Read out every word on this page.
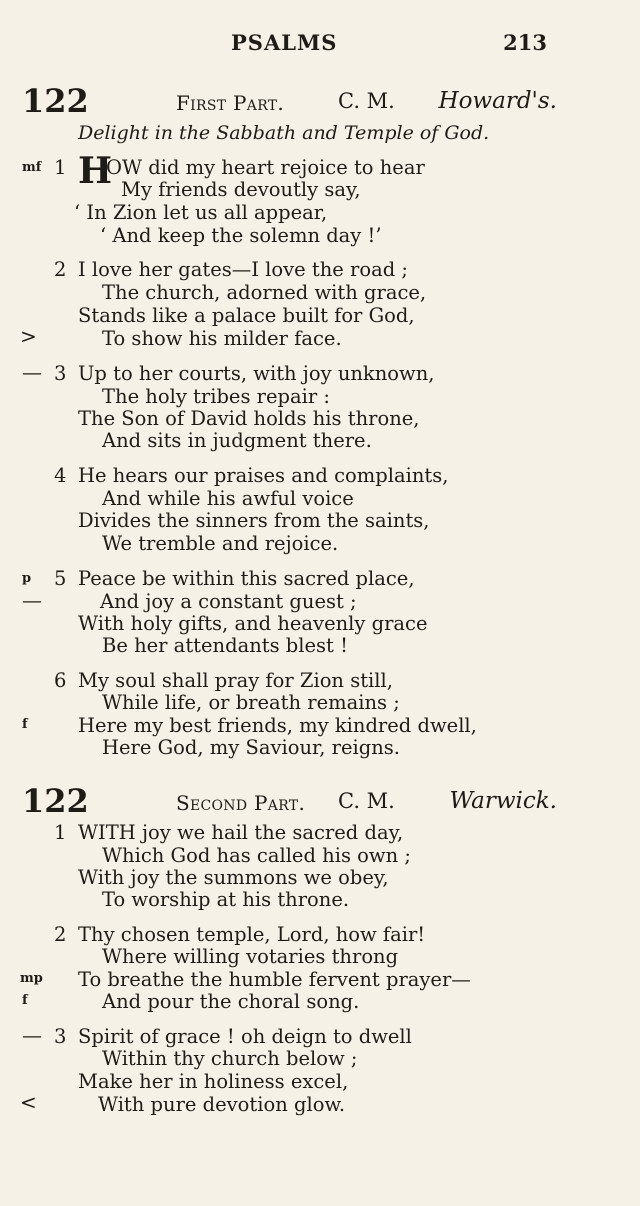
PSALMS	213
122	First Part.	C. M. Howard's.
Delight in the Sabbath and Temple of God.
mf 1 H
OW did my heart rejoice to hear
My friends devoutly say,
‘ In Zion let us all appear,
‘ And keep the solemn day !’
2 I love her gates—I love the road ;
The church, adorned with grace,
Stands like a palace built for God,
>	To show his milder face.
— 3 Up to her courts, with joy unknown,
The holy tribes repair :
The Son of David holds his throne,
And sits in judgment there.
4 He hears our praises and complaints,
And while his awful voice
Divides the sinners from the saints,
We tremble and rejoice.
p 5 Peace be within this sacred place,
—	And joy a constant guest ;
With holy gifts, and heavenly grace
Be her attendants blest !
6 My soul shall pray for Zion still,
While life, or breath remains ;
f	Here my best friends, my kindred dwell,
Here God, my Saviour, reigns.
122	Second Part. C. M. Warwick.
1 WITH joy we hail the sacred day,
Which God has called his own ;
With joy the summons we obey,
To worship at his throne.
2 Thy chosen temple, Lord, how fair!
Where willing votaries throng
mp To breathe the humble fervent prayer—
f	And pour the choral song.
— 3 Spirit of grace ! oh deign to dwell
Within thy church below ;
Make her in holiness excel,
<	With pure devotion glow.
